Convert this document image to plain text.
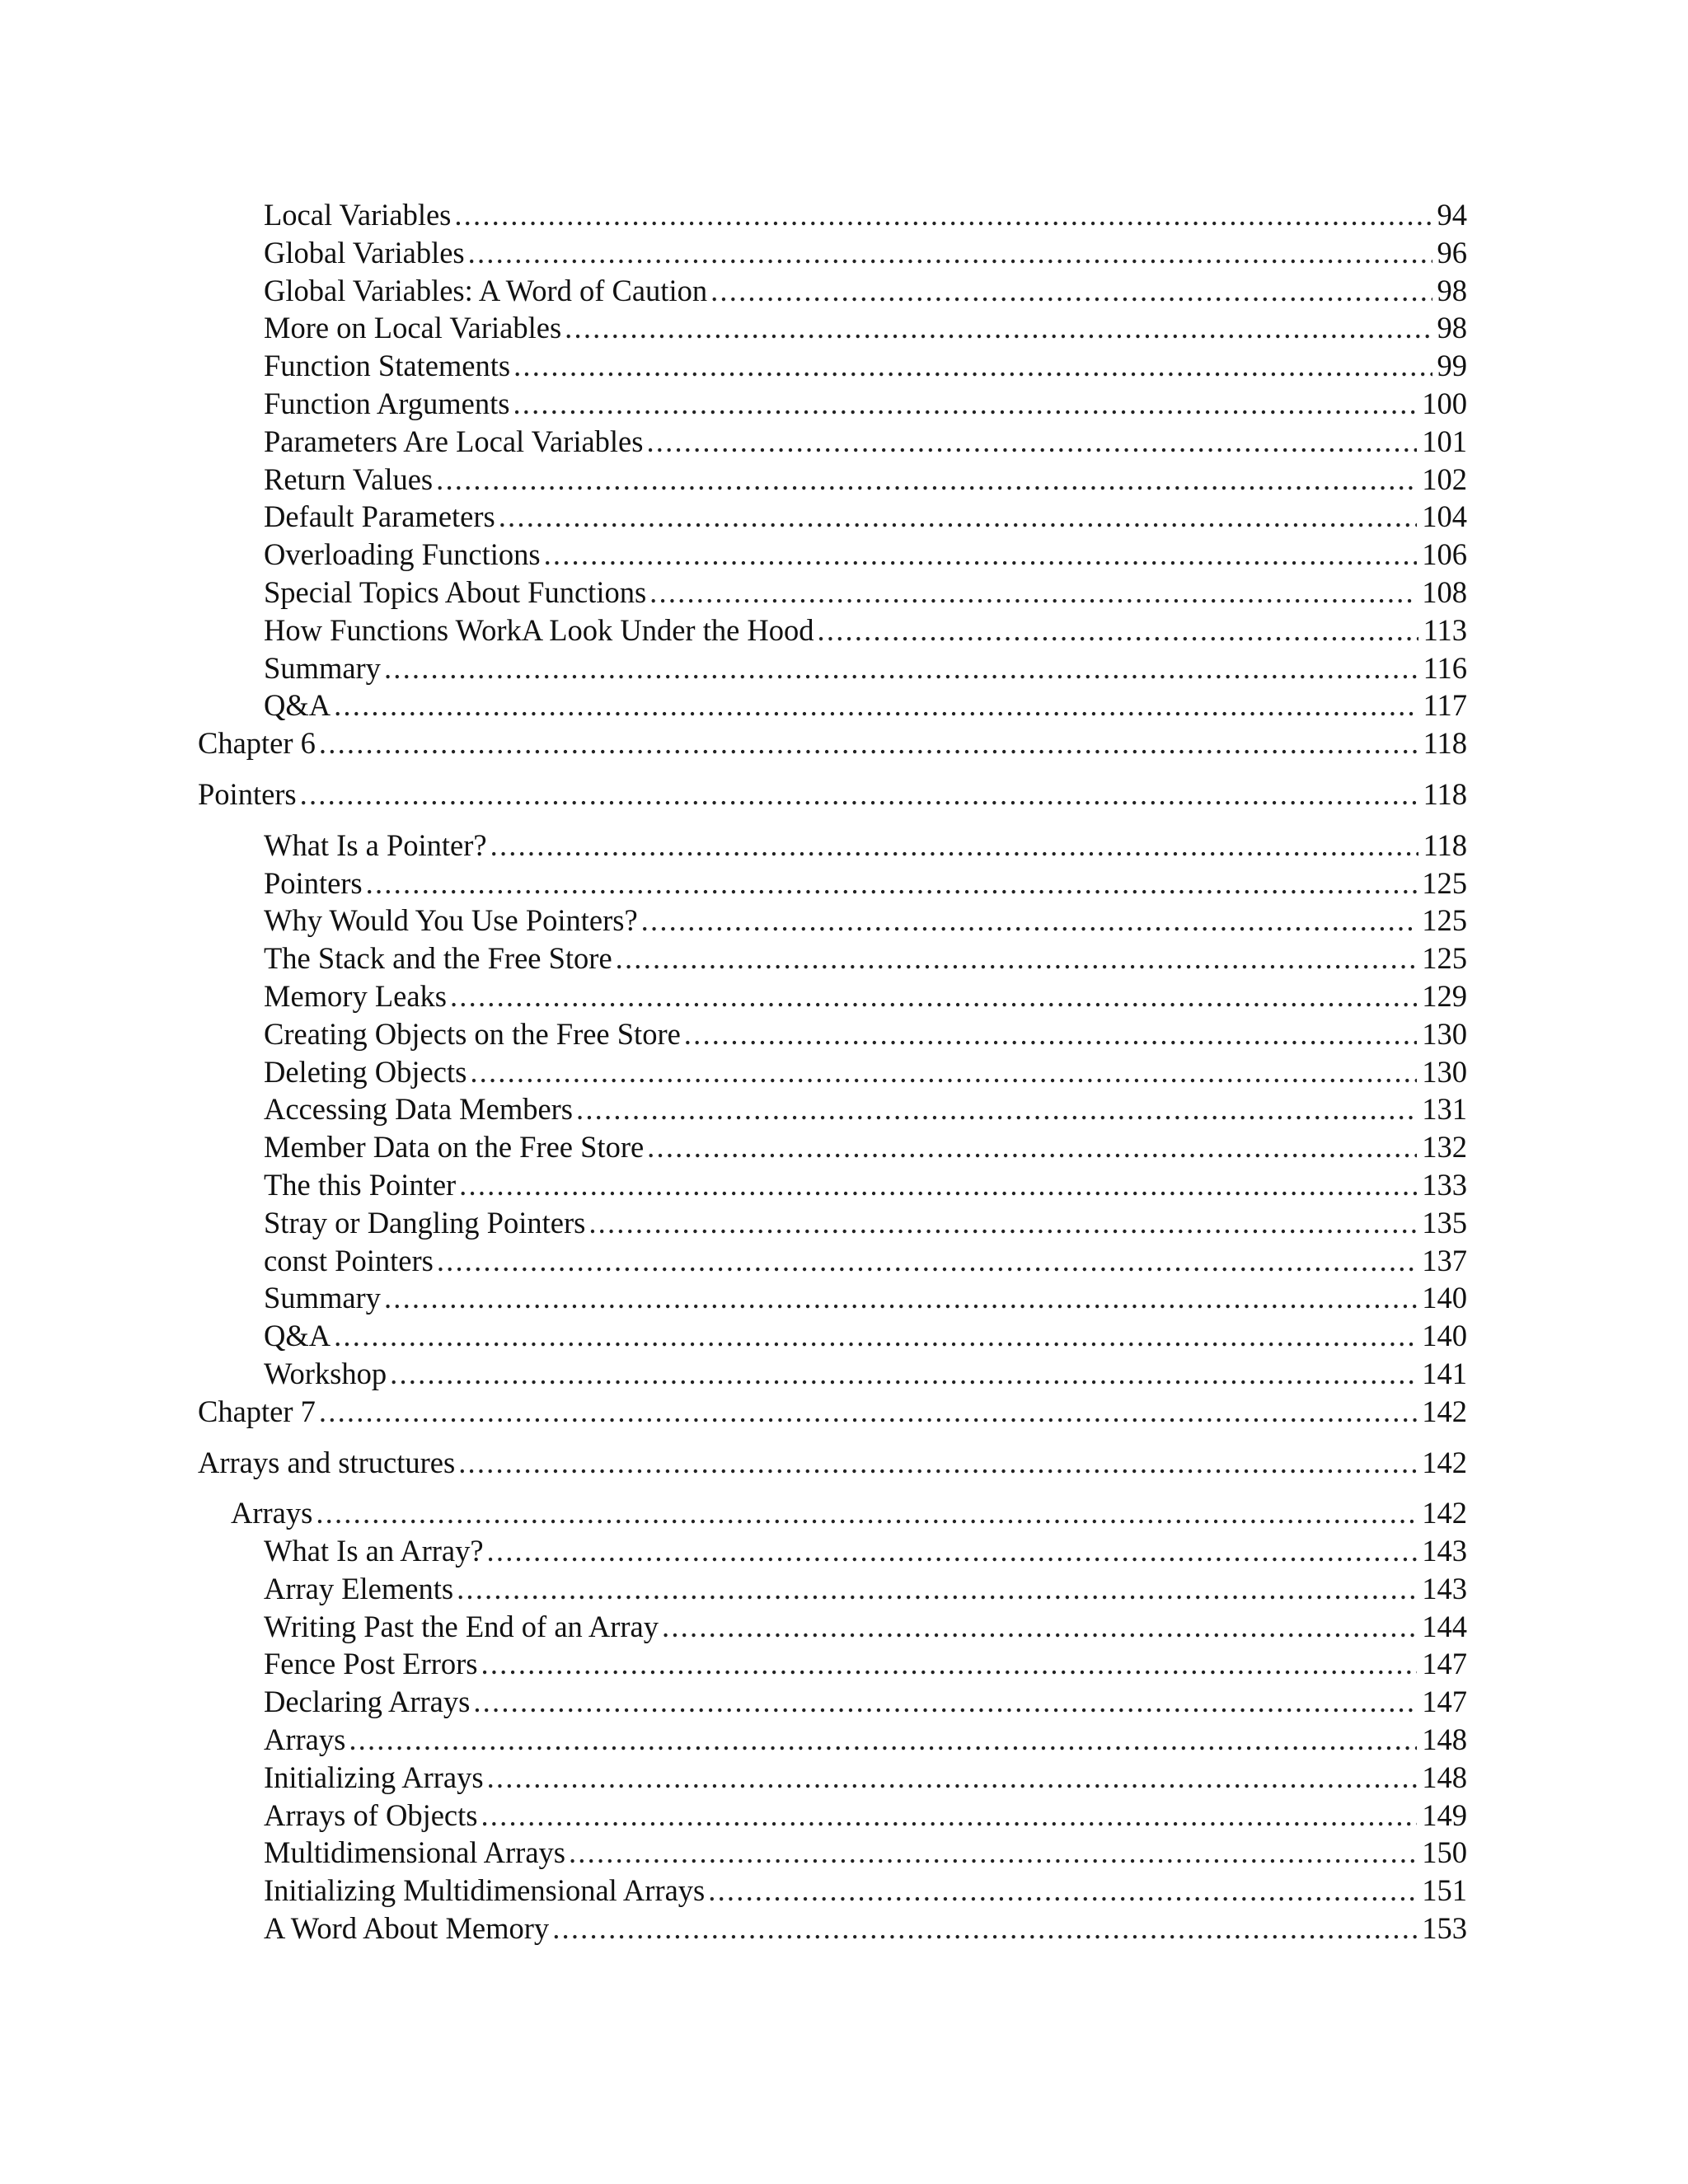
Local Variables .....	94
Global Variables .....	96
Global Variables: A Word of Caution .....	98
More on Local Variables .....	98
Function Statements .....	99
Function Arguments .....	100
Parameters Are Local Variables .....	101
Return Values .....	102
Default Parameters .....	104
Overloading Functions .....	106
Special Topics About Functions .....	108
How Functions WorkA Look Under the Hood .....	113
Summary .....	116
Q&A .....	117
Chapter 6 .....	118
Pointers .....	118
What Is a Pointer? .....	118
Pointers .....	125
Why Would You Use Pointers? .....	125
The Stack and the Free Store .....	125
Memory Leaks .....	129
Creating Objects on the Free Store .....	130
Deleting Objects .....	130
Accessing Data Members .....	131
Member Data on the Free Store .....	132
The this Pointer .....	133
Stray or Dangling Pointers .....	135
const Pointers .....	137
Summary .....	140
Q&A .....	140
Workshop .....	141
Chapter 7 .....	142
Arrays and structures .....	142
Arrays .....	142
What Is an Array? .....	143
Array Elements .....	143
Writing Past the End of an Array .....	144
Fence Post Errors .....	147
Declaring Arrays .....	147
Arrays .....	148
Initializing Arrays .....	148
Arrays of Objects .....	149
Multidimensional Arrays .....	150
Initializing Multidimensional Arrays .....	151
A Word About Memory .....	153
